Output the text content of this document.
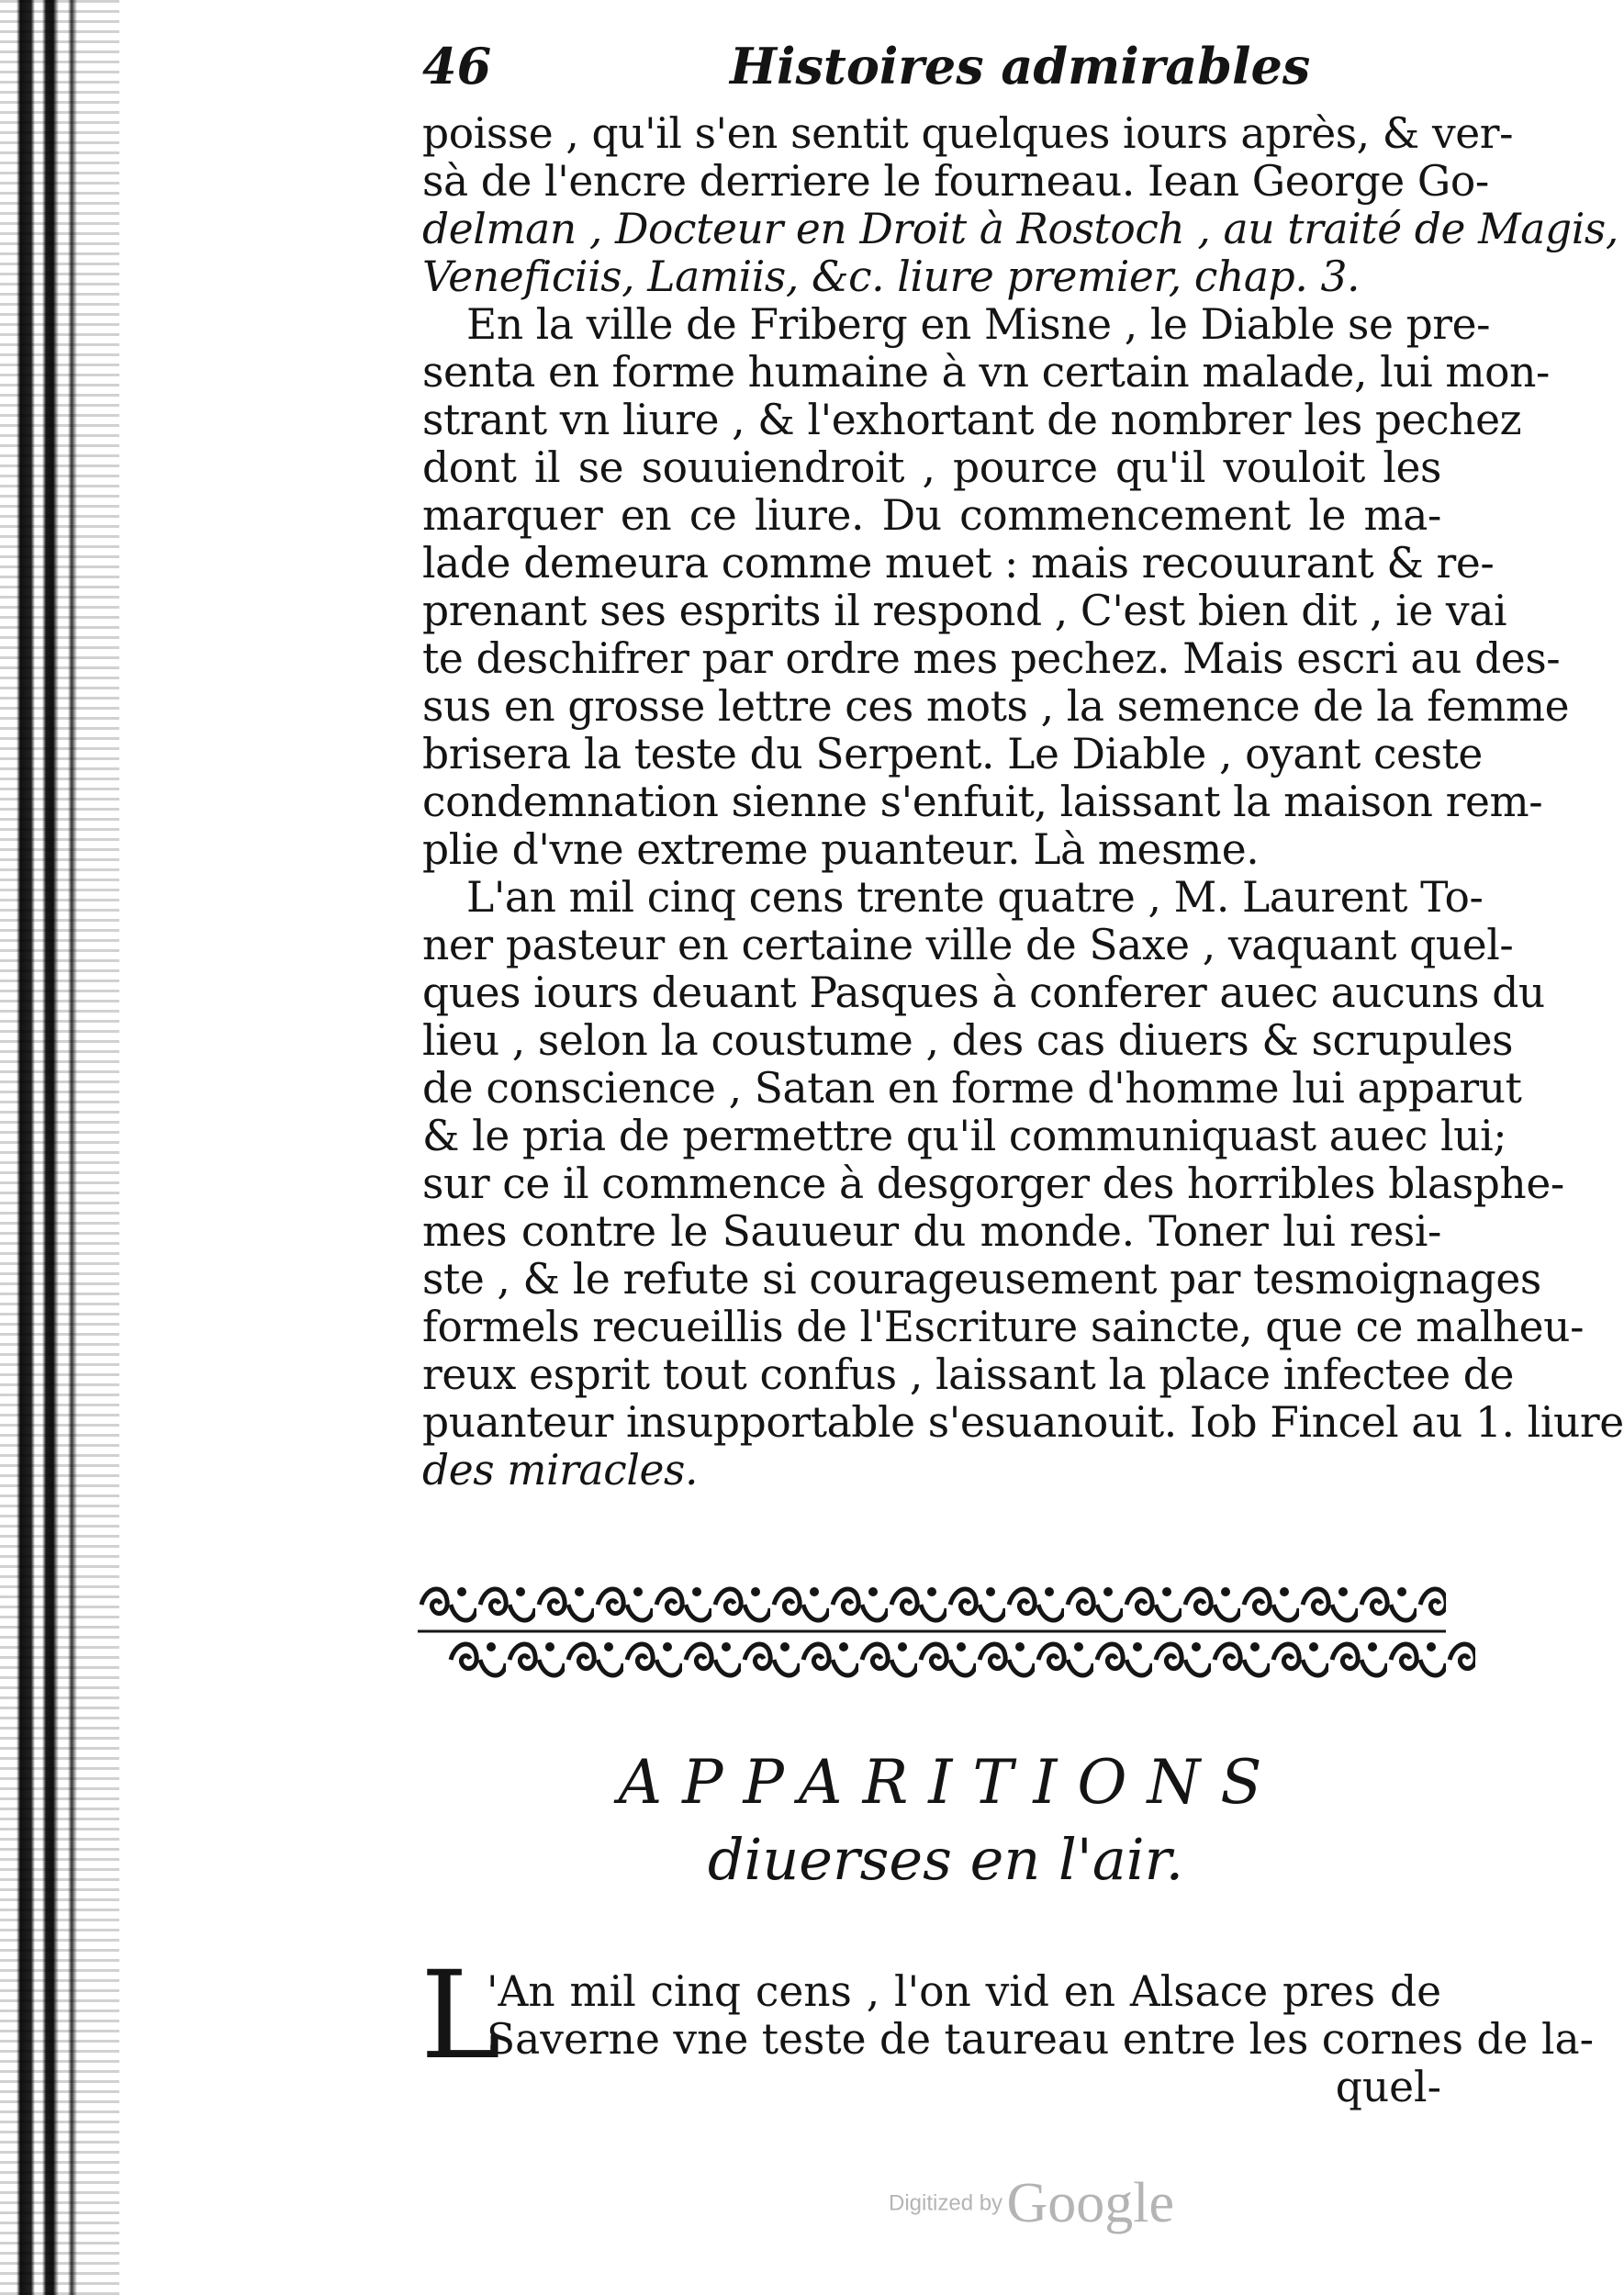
46	Histoires admirables
poisse , qu'il s'en sentit quelques iours après, & ver-
sà de l'encre derriere le fourneau. Iean George Go-
delman , Docteur en Droit à Rostoch , au traité de Magis,
Veneficiis, Lamiis, &c. liure premier, chap. 3.
En la ville de Friberg en Misne , le Diable se pre-
senta en forme humaine à vn certain malade, lui mon-
strant vn liure , & l'exhortant de nombrer les pechez
dont il se souuiendroit , pource qu'il vouloit les
marquer en ce liure. Du commencement le ma-
lade demeura comme muet : mais recouurant & re-
prenant ses esprits il respond , C'est bien dit , ie vai
te deschifrer par ordre mes pechez. Mais escri au des-
sus en grosse lettre ces mots , la semence de la femme
brisera la teste du Serpent. Le Diable , oyant ceste
condemnation sienne s'enfuit, laissant la maison rem-
plie d'vne extreme puanteur. Là mesme.
L'an mil cinq cens trente quatre , M. Laurent To-
ner pasteur en certaine ville de Saxe , vaquant quel-
ques iours deuant Pasques à conferer auec aucuns du
lieu , selon la coustume , des cas diuers & scrupules
de conscience , Satan en forme d'homme lui apparut
& le pria de permettre qu'il communiquast auec lui;
sur ce il commence à desgorger des horribles blasphe-
mes contre le Sauueur du monde. Toner lui resi-
ste , & le refute si courageusement par tesmoignages
formels recueillis de l'Escriture saincte, que ce malheu-
reux esprit tout confus , laissant la place infectee de
puanteur insupportable s'esuanouit. Iob Fincel au 1. liure
des miracles.
APPARITIONS
diuerses en l'air.
L
'An mil cinq cens , l'on vid en Alsace pres de
Saverne vne teste de taureau entre les cornes de la-
quel-
Digitized by Google
